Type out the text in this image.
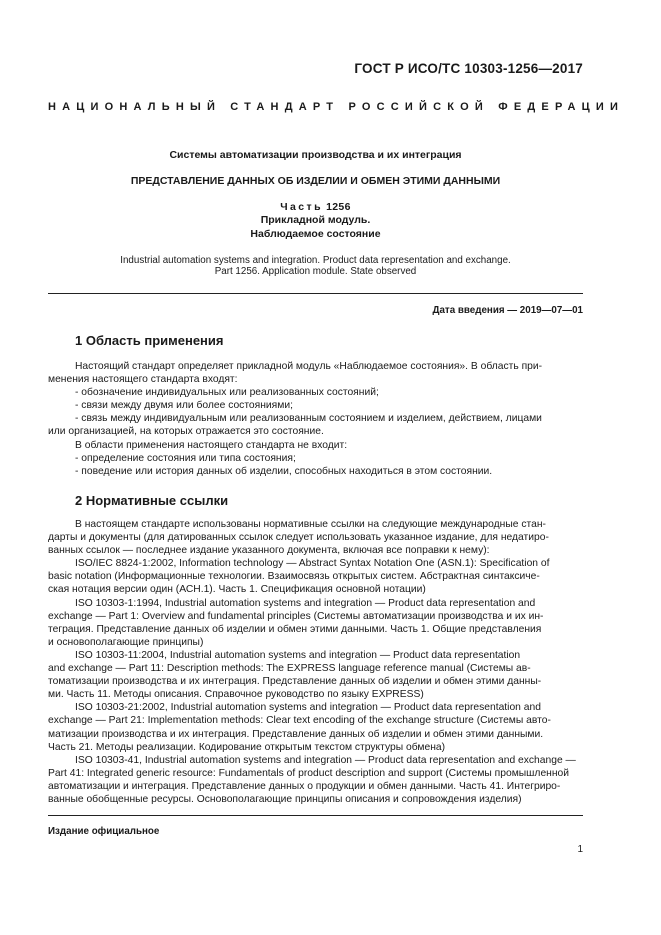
ГОСТ Р ИСО/ТС 10303-1256—2017
НАЦИОНАЛЬНЫЙ СТАНДАРТ РОССИЙСКОЙ ФЕДЕРАЦИИ
Системы автоматизации производства и их интеграция
ПРЕДСТАВЛЕНИЕ ДАННЫХ ОБ ИЗДЕЛИИ И ОБМЕН ЭТИМИ ДАННЫМИ
Часть 1256
Прикладной модуль.
Наблюдаемое состояние
Industrial automation systems and integration. Product data representation and exchange.
Part 1256. Application module. State observed
Дата введения — 2019—07—01
1 Область применения

Настоящий стандарт определяет прикладной модуль «Наблюдаемое состояния». В область при-

менения настоящего стандарта входят:

- обозначение индивидуальных или реализованных состояний;

- связи между двумя или более состояниями;

- связь между индивидуальным или реализованным состоянием и изделием, действием, лицами

или организацией, на которых отражается это состояние.

В области применения настоящего стандарта не входит:

- определение состояния или типа состояния;

- поведение или история данных об изделии, способных находиться в этом состоянии.

2 Нормативные ссылки

В настоящем стандарте использованы нормативные ссылки на следующие международные стан-

дарты и документы (для датированных ссылок следует использовать указанное издание, для недатиро-

ванных ссылок — последнее издание указанного документа, включая все поправки к нему):

ISO/IEC 8824-1:2002, Information technology — Abstract Syntax Notation One (ASN.1): Specification of

basic notation (Информационные технологии. Взаимосвязь открытых систем. Абстрактная синтаксиче-

ская нотация версии один (АСН.1). Часть 1. Спецификация основной нотации)

ISO 10303-1:1994, Industrial automation systems and integration — Product data representation and

exchange — Part 1: Overview and fundamental principles (Системы автоматизации производства и их ин-

теграция. Представление данных об изделии и обмен этими данными. Часть 1. Общие представления

и основополагающие принципы)

ISO 10303-11:2004, Industrial automation systems and integration — Product data representation

and exchange — Part 11: Description methods: The EXPRESS language reference manual (Системы ав-

томатизации производства и их интеграция. Представление данных об изделии и обмен этими данны-

ми. Часть 11. Методы описания. Справочное руководство по языку EXPRESS)

ISO 10303-21:2002, Industrial automation systems and integration — Product data representation and

exchange — Part 21: Implementation methods: Clear text encoding of the exchange structure (Системы авто-

матизации производства и их интеграция. Представление данных об изделии и обмен этими данными.

Часть 21. Методы реализации. Кодирование открытым текстом структуры обмена)

ISO 10303-41, Industrial automation systems and integration — Product data representation and exchange —

Part 41: Integrated generic resource: Fundamentals of product description and support (Системы промышленной

автоматизации и интеграция. Представление данных о продукции и обмен данными. Часть 41. Интегриро-

ванные обобщенные ресурсы. Основополагающие принципы описания и сопровождения изделия)

Издание официальное
1
